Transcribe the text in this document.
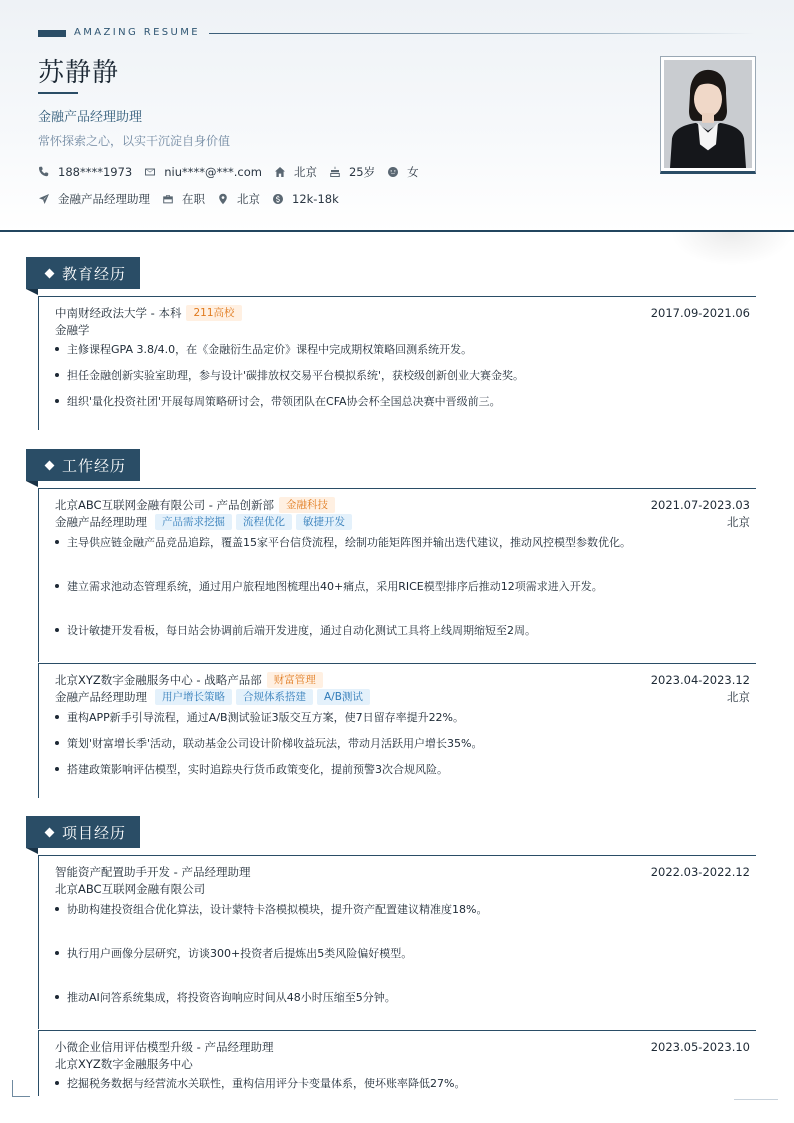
AMAZING RESUME
苏静静
金融产品经理助理
常怀探索之心，以实干沉淀自身价值
188****1973	niu****@***.com	北京	25岁	女
金融产品经理助理	在职	北京	12k-18k
教育经历
中南财经政法大学 - 本科	211高校	2017.09-2021.06
金融学
主修课程GPA 3.8/4.0，在《金融衍生品定价》课程中完成期权策略回测系统开发。
担任金融创新实验室助理，参与设计'碳排放权交易平台模拟系统'，获校级创新创业大赛金奖。
组织'量化投资社团'开展每周策略研讨会，带领团队在CFA协会杯全国总决赛中晋级前三。
工作经历
北京ABC互联网金融有限公司 - 产品创新部	金融科技	2021.07-2023.03
金融产品经理助理	产品需求挖掘	流程优化	敏捷开发	北京
主导供应链金融产品竞品追踪，覆盖15家平台信贷流程，绘制功能矩阵图并输出迭代建议，推动风控模型参数优化。
建立需求池动态管理系统，通过用户旅程地图梳理出40+痛点，采用RICE模型排序后推动12项需求进入开发。
设计敏捷开发看板，每日站会协调前后端开发进度，通过自动化测试工具将上线周期缩短至2周。
北京XYZ数字金融服务中心 - 战略产品部	财富管理	2023.04-2023.12
金融产品经理助理	用户增长策略	合规体系搭建	A/B测试	北京
重构APP新手引导流程，通过A/B测试验证3版交互方案，使7日留存率提升22%。
策划'财富增长季'活动，联动基金公司设计阶梯收益玩法，带动月活跃用户增长35%。
搭建政策影响评估模型，实时追踪央行货币政策变化，提前预警3次合规风险。
项目经历
智能资产配置助手开发 - 产品经理助理	2022.03-2022.12
北京ABC互联网金融有限公司
协助构建投资组合优化算法，设计蒙特卡洛模拟模块，提升资产配置建议精准度18%。
执行用户画像分层研究，访谈300+投资者后提炼出5类风险偏好模型。
推动AI问答系统集成，将投资咨询响应时间从48小时压缩至5分钟。
小微企业信用评估模型升级 - 产品经理助理	2023.05-2023.10
北京XYZ数字金融服务中心
挖掘税务数据与经营流水关联性，重构信用评分卡变量体系，使坏账率降低27%。
